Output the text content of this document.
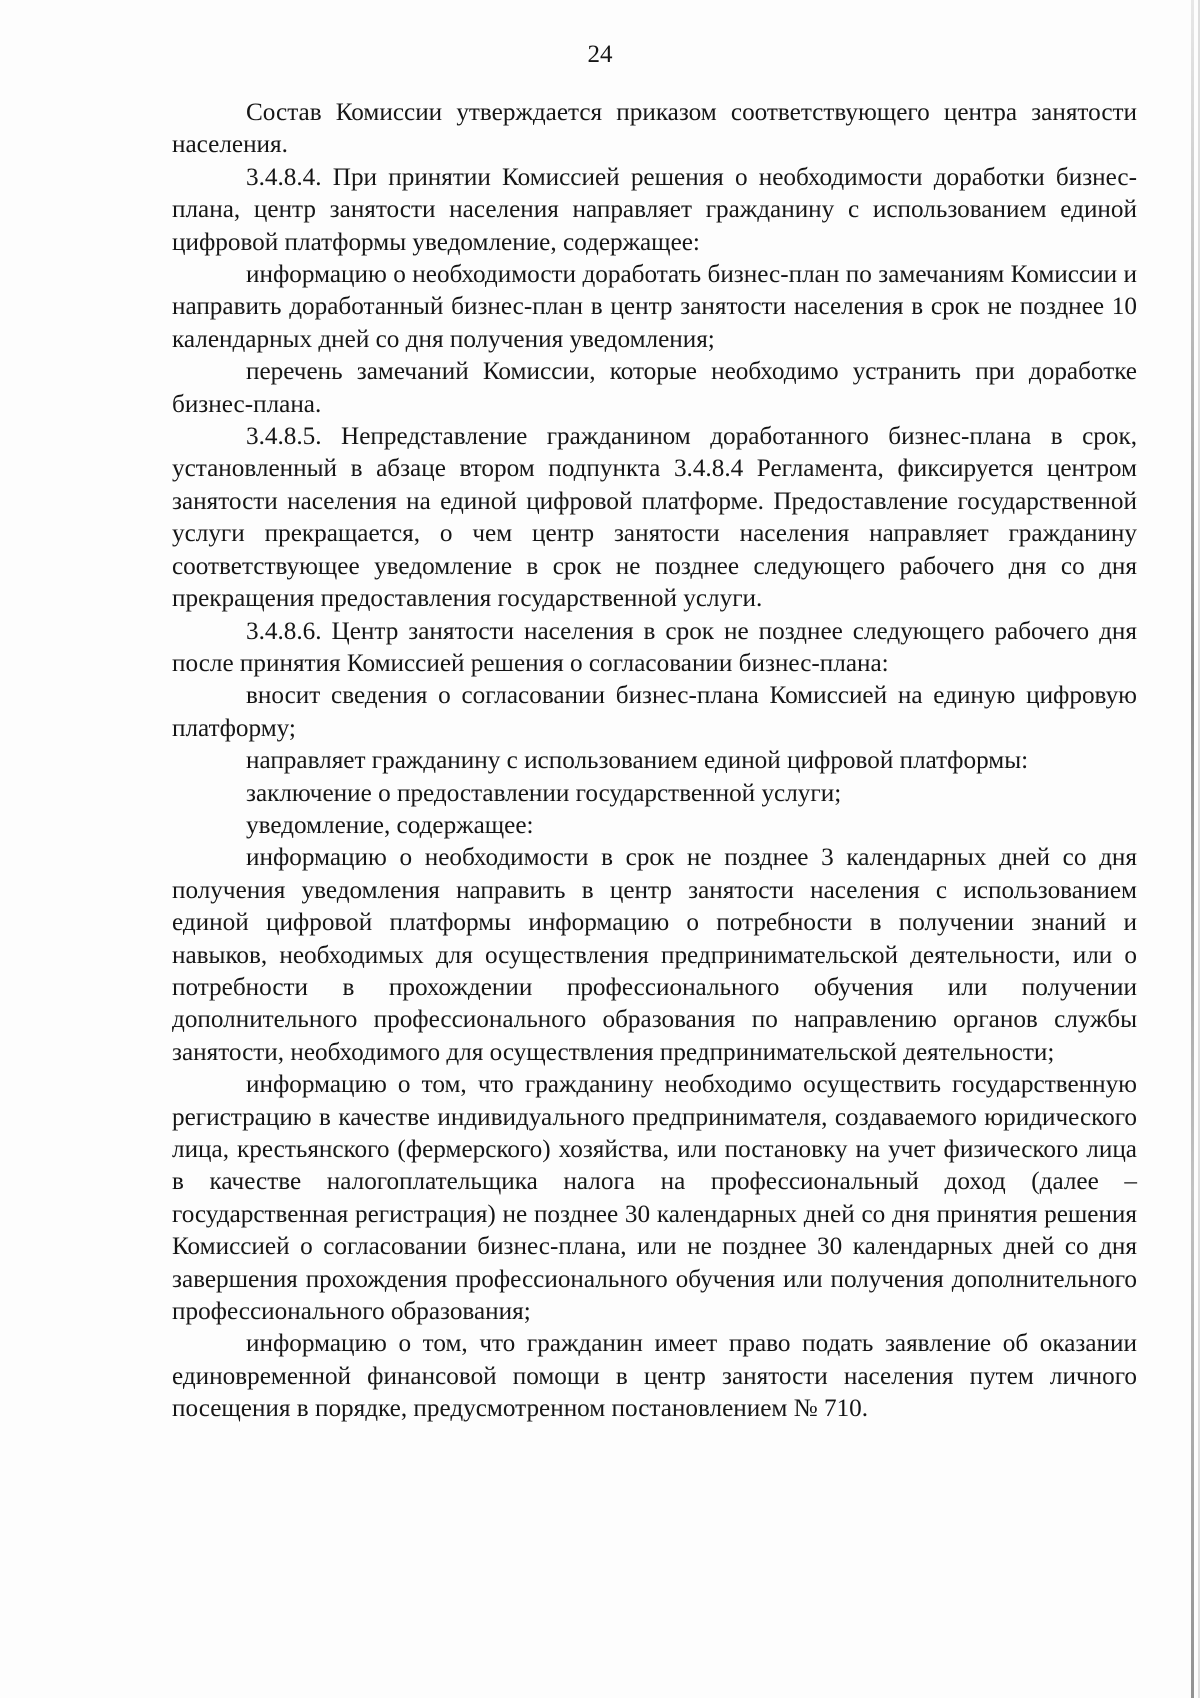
24

Состав Комиссии утверждается приказом соответствующего центра занятости населения.

3.4.8.4. При принятии Комиссией решения о необходимости доработки бизнес-плана, центр занятости населения направляет гражданину с использованием единой цифровой платформы уведомление, содержащее:

информацию о необходимости доработать бизнес-план по замечаниям Комиссии и направить доработанный бизнес-план в центр занятости населения в срок не позднее 10 календарных дней со дня получения уведомления;

перечень замечаний Комиссии, которые необходимо устранить при доработке бизнес-плана.

3.4.8.5. Непредставление гражданином доработанного бизнес-плана в срок, установленный в абзаце втором подпункта 3.4.8.4 Регламента, фиксируется центром занятости населения на единой цифровой платформе. Предоставление государственной услуги прекращается, о чем центр занятости населения направляет гражданину соответствующее уведомление в срок не позднее следующего рабочего дня со дня прекращения предоставления государственной услуги.

3.4.8.6. Центр занятости населения в срок не позднее следующего рабочего дня после принятия Комиссией решения о согласовании бизнес-плана:

вносит сведения о согласовании бизнес-плана Комиссией на единую цифровую платформу;

направляет гражданину с использованием единой цифровой платформы:

заключение о предоставлении государственной услуги;

уведомление, содержащее:

информацию о необходимости в срок не позднее 3 календарных дней со дня получения уведомления направить в центр занятости населения с использованием единой цифровой платформы информацию о потребности в получении знаний и навыков, необходимых для осуществления предпринимательской деятельности, или о потребности в прохождении профессионального обучения или получении дополнительного профессионального образования по направлению органов службы занятости, необходимого для осуществления предпринимательской деятельности;

информацию о том, что гражданину необходимо осуществить государственную регистрацию в качестве индивидуального предпринимателя, создаваемого юридического лица, крестьянского (фермерского) хозяйства, или постановку на учет физического лица в качестве налогоплательщика налога на профессиональный доход (далее – государственная регистрация) не позднее 30 календарных дней со дня принятия решения Комиссией о согласовании бизнес-плана, или не позднее 30 календарных дней со дня завершения прохождения профессионального обучения или получения дополнительного профессионального образования;

информацию о том, что гражданин имеет право подать заявление об оказании единовременной финансовой помощи в центр занятости населения путем личного посещения в порядке, предусмотренном постановлением № 710.
